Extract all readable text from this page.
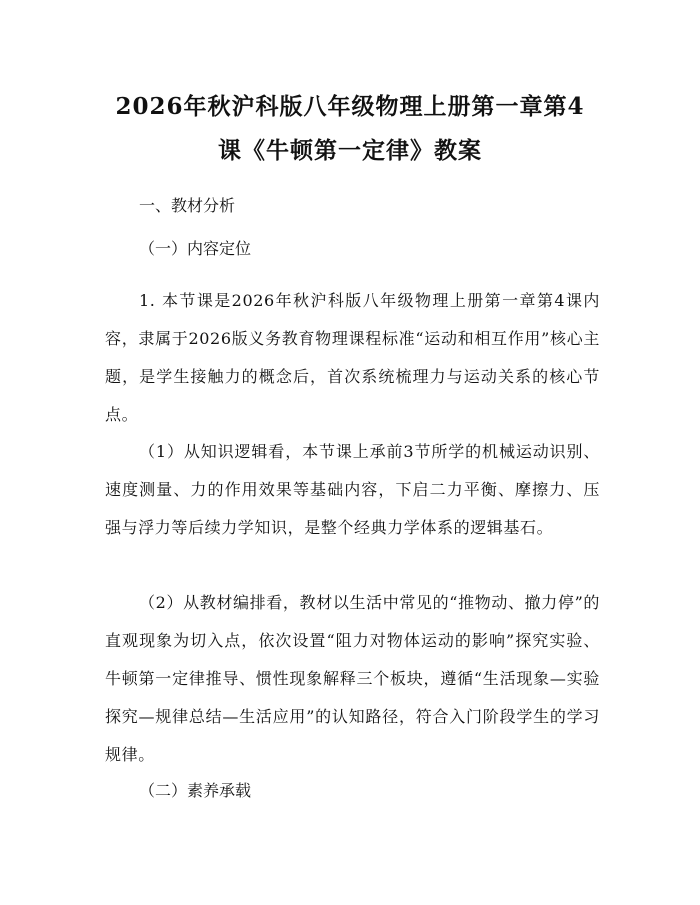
2026年秋沪科版八年级物理上册第一章第4
课《牛顿第一定律》教案

一、教材分析

（一）内容定位

1. 本节课是2026年秋沪科版八年级物理上册第一章第4课内容，隶属于2026版义务教育物理课程标准“运动和相互作用”核心主题，是学生接触力的概念后，首次系统梳理力与运动关系的核心节点。

（1）从知识逻辑看，本节课上承前3节所学的机械运动识别、速度测量、力的作用效果等基础内容，下启二力平衡、摩擦力、压强与浮力等后续力学知识，是整个经典力学体系的逻辑基石。

（2）从教材编排看，教材以生活中常见的“推物动、撤力停”的直观现象为切入点，依次设置“阻力对物体运动的影响”探究实验、牛顿第一定律推导、惯性现象解释三个板块，遵循“生活现象—实验探究—规律总结—生活应用”的认知路径，符合入门阶段学生的学习规律。

（二）素养承载
